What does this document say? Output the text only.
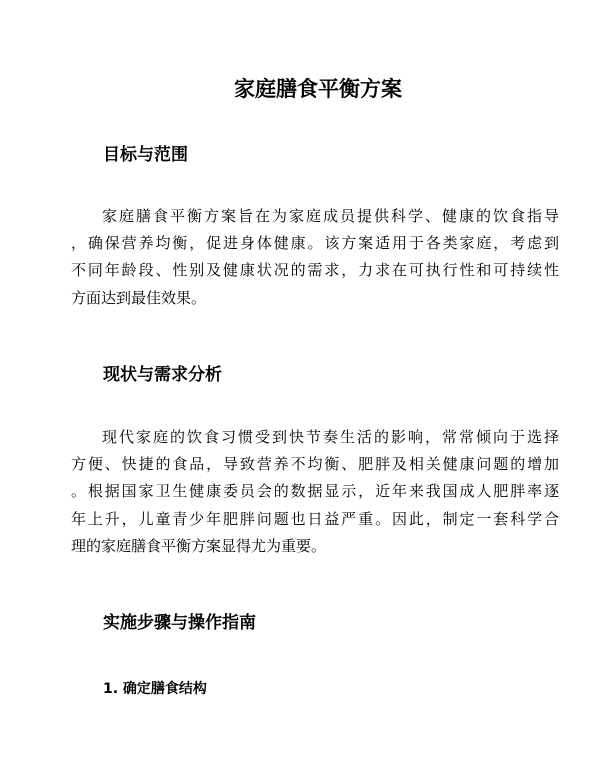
家庭膳食平衡方案
目标与范围
家庭膳食平衡方案旨在为家庭成员提供科学、健康的饮食指导
，确保营养均衡，促进身体健康。该方案适用于各类家庭，考虑到
不同年龄段、性别及健康状况的需求，力求在可执行性和可持续性
方面达到最佳效果。
现状与需求分析
现代家庭的饮食习惯受到快节奏生活的影响，常常倾向于选择
方便、快捷的食品，导致营养不均衡、肥胖及相关健康问题的增加
。根据国家卫生健康委员会的数据显示，近年来我国成人肥胖率逐
年上升，儿童青少年肥胖问题也日益严重。因此，制定一套科学合
理的家庭膳食平衡方案显得尤为重要。
实施步骤与操作指南
1. 确定膳食结构
